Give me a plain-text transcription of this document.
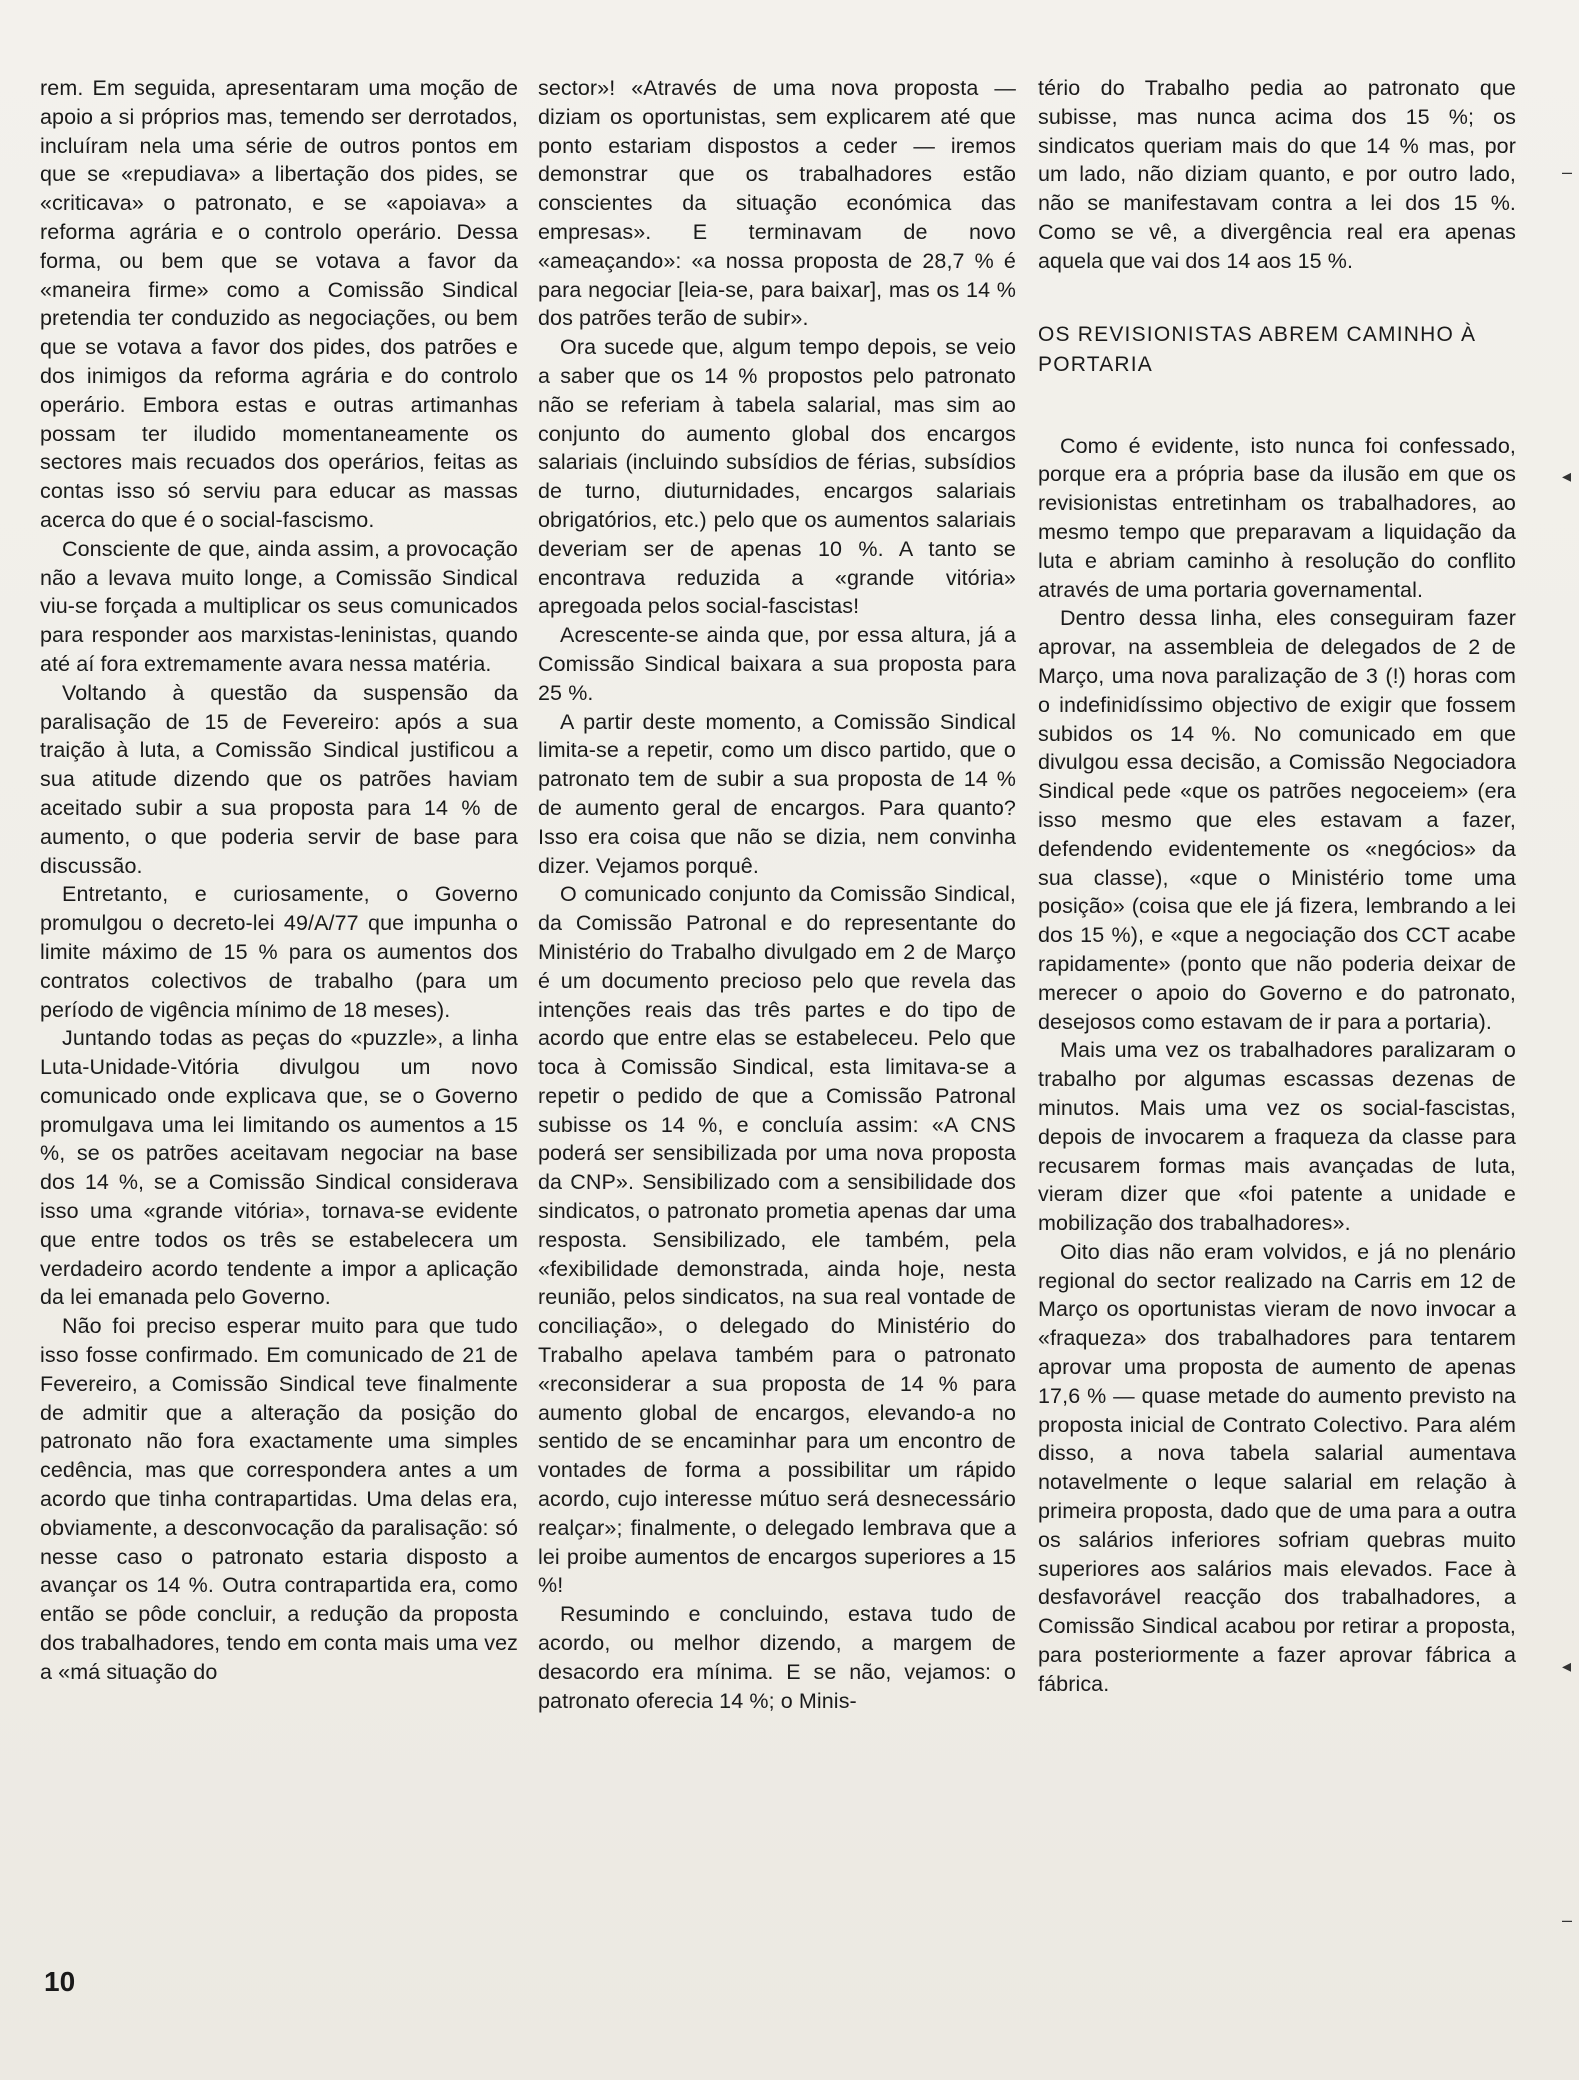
rem. Em seguida, apresentaram uma moção de apoio a si próprios mas, temendo ser derrotados, incluíram nela uma série de outros pontos em que se «repudiava» a libertação dos pides, se «criticava» o patronato, e se «apoiava» a reforma agrária e o controlo operário. Dessa forma, ou bem que se votava a favor da «maneira firme» como a Comissão Sindical pretendia ter conduzido as negociações, ou bem que se votava a favor dos pides, dos patrões e dos inimigos da reforma agrária e do controlo operário. Embora estas e outras artimanhas possam ter iludido momentaneamente os sectores mais recuados dos operários, feitas as contas isso só serviu para educar as massas acerca do que é o social-fascismo.

Consciente de que, ainda assim, a provocação não a levava muito longe, a Comissão Sindical viu-se forçada a multiplicar os seus comunicados para responder aos marxistas-leninistas, quando até aí fora extremamente avara nessa matéria.

Voltando à questão da suspensão da paralisação de 15 de Fevereiro: após a sua traição à luta, a Comissão Sindical justificou a sua atitude dizendo que os patrões haviam aceitado subir a sua proposta para 14 % de aumento, o que poderia servir de base para discussão.

Entretanto, e curiosamente, o Governo promulgou o decreto-lei 49/A/77 que impunha o limite máximo de 15 % para os aumentos dos contratos colectivos de trabalho (para um período de vigência mínimo de 18 meses).

Juntando todas as peças do «puzzle», a linha Luta-Unidade-Vitória divulgou um novo comunicado onde explicava que, se o Governo promulgava uma lei limitando os aumentos a 15 %, se os patrões aceitavam negociar na base dos 14 %, se a Comissão Sindical considerava isso uma «grande vitória», tornava-se evidente que entre todos os três se estabelecera um verdadeiro acordo tendente a impor a aplicação da lei emanada pelo Governo.

Não foi preciso esperar muito para que tudo isso fosse confirmado. Em comunicado de 21 de Fevereiro, a Comissão Sindical teve finalmente de admitir que a alteração da posição do patronato não fora exactamente uma simples cedência, mas que correspondera antes a um acordo que tinha contrapartidas. Uma delas era, obviamente, a desconvocação da paralisação: só nesse caso o patronato estaria disposto a avançar os 14 %. Outra contrapartida era, como então se pôde concluir, a redução da proposta dos trabalhadores, tendo em conta mais uma vez a «má situação do

sector»! «Através de uma nova proposta — diziam os oportunistas, sem explicarem até que ponto estariam dispostos a ceder — iremos demonstrar que os trabalhadores estão conscientes da situação económica das empresas». E terminavam de novo «ameaçando»: «a nossa proposta de 28,7 % é para negociar [leia-se, para baixar], mas os 14 % dos patrões terão de subir».

Ora sucede que, algum tempo depois, se veio a saber que os 14 % propostos pelo patronato não se referiam à tabela salarial, mas sim ao conjunto do aumento global dos encargos salariais (incluindo subsídios de férias, subsídios de turno, diuturnidades, encargos salariais obrigatórios, etc.) pelo que os aumentos salariais deveriam ser de apenas 10 %. A tanto se encontrava reduzida a «grande vitória» apregoada pelos social-fascistas!

Acrescente-se ainda que, por essa altura, já a Comissão Sindical baixara a sua proposta para 25 %.

A partir deste momento, a Comissão Sindical limita-se a repetir, como um disco partido, que o patronato tem de subir a sua proposta de 14 % de aumento geral de encargos. Para quanto? Isso era coisa que não se dizia, nem convinha dizer. Vejamos porquê.

O comunicado conjunto da Comissão Sindical, da Comissão Patronal e do representante do Ministério do Trabalho divulgado em 2 de Março é um documento precioso pelo que revela das intenções reais das três partes e do tipo de acordo que entre elas se estabeleceu. Pelo que toca à Comissão Sindical, esta limitava-se a repetir o pedido de que a Comissão Patronal subisse os 14 %, e concluía assim: «A CNS poderá ser sensibilizada por uma nova proposta da CNP». Sensibilizado com a sensibilidade dos sindicatos, o patronato prometia apenas dar uma resposta. Sensibilizado, ele também, pela «fexibilidade demonstrada, ainda hoje, nesta reunião, pelos sindicatos, na sua real vontade de conciliação», o delegado do Ministério do Trabalho apelava também para o patronato «reconsiderar a sua proposta de 14 % para aumento global de encargos, elevando-a no sentido de se encaminhar para um encontro de vontades de forma a possibilitar um rápido acordo, cujo interesse mútuo será desnecessário realçar»; finalmente, o delegado lembrava que a lei proibe aumentos de encargos superiores a 15 %!

Resumindo e concluindo, estava tudo de acordo, ou melhor dizendo, a margem de desacordo era mínima. E se não, vejamos: o patronato oferecia 14 %; o Minis-

tério do Trabalho pedia ao patronato que subisse, mas nunca acima dos 15 %; os sindicatos queriam mais do que 14 % mas, por um lado, não diziam quanto, e por outro lado, não se manifestavam contra a lei dos 15 %. Como se vê, a divergência real era apenas aquela que vai dos 14 aos 15 %.

OS REVISIONISTAS ABREM CAMINHO À PORTARIA

Como é evidente, isto nunca foi confessado, porque era a própria base da ilusão em que os revisionistas entretinham os trabalhadores, ao mesmo tempo que preparavam a liquidação da luta e abriam caminho à resolução do conflito através de uma portaria governamental.

Dentro dessa linha, eles conseguiram fazer aprovar, na assembleia de delegados de 2 de Março, uma nova paralização de 3 (!) horas com o indefinidíssimo objectivo de exigir que fossem subidos os 14 %. No comunicado em que divulgou essa decisão, a Comissão Negociadora Sindical pede «que os patrões negoceiem» (era isso mesmo que eles estavam a fazer, defendendo evidentemente os «negócios» da sua classe), «que o Ministério tome uma posição» (coisa que ele já fizera, lembrando a lei dos 15 %), e «que a negociação dos CCT acabe rapidamente» (ponto que não poderia deixar de merecer o apoio do Governo e do patronato, desejosos como estavam de ir para a portaria).

Mais uma vez os trabalhadores paralizaram o trabalho por algumas escassas dezenas de minutos. Mais uma vez os social-fascistas, depois de invocarem a fraqueza da classe para recusarem formas mais avançadas de luta, vieram dizer que «foi patente a unidade e mobilização dos trabalhadores».

Oito dias não eram volvidos, e já no plenário regional do sector realizado na Carris em 12 de Março os oportunistas vieram de novo invocar a «fraqueza» dos trabalhadores para tentarem aprovar uma proposta de aumento de apenas 17,6 % — quase metade do aumento previsto na proposta inicial de Contrato Colectivo. Para além disso, a nova tabela salarial aumentava notavelmente o leque salarial em relação à primeira proposta, dado que de uma para a outra os salários inferiores sofriam quebras muito superiores aos salários mais elevados. Face à desfavorável reacção dos trabalhadores, a Comissão Sindical acabou por retirar a proposta, para posteriormente a fazer aprovar fábrica a fábrica.

10
–
◂
◂
–
